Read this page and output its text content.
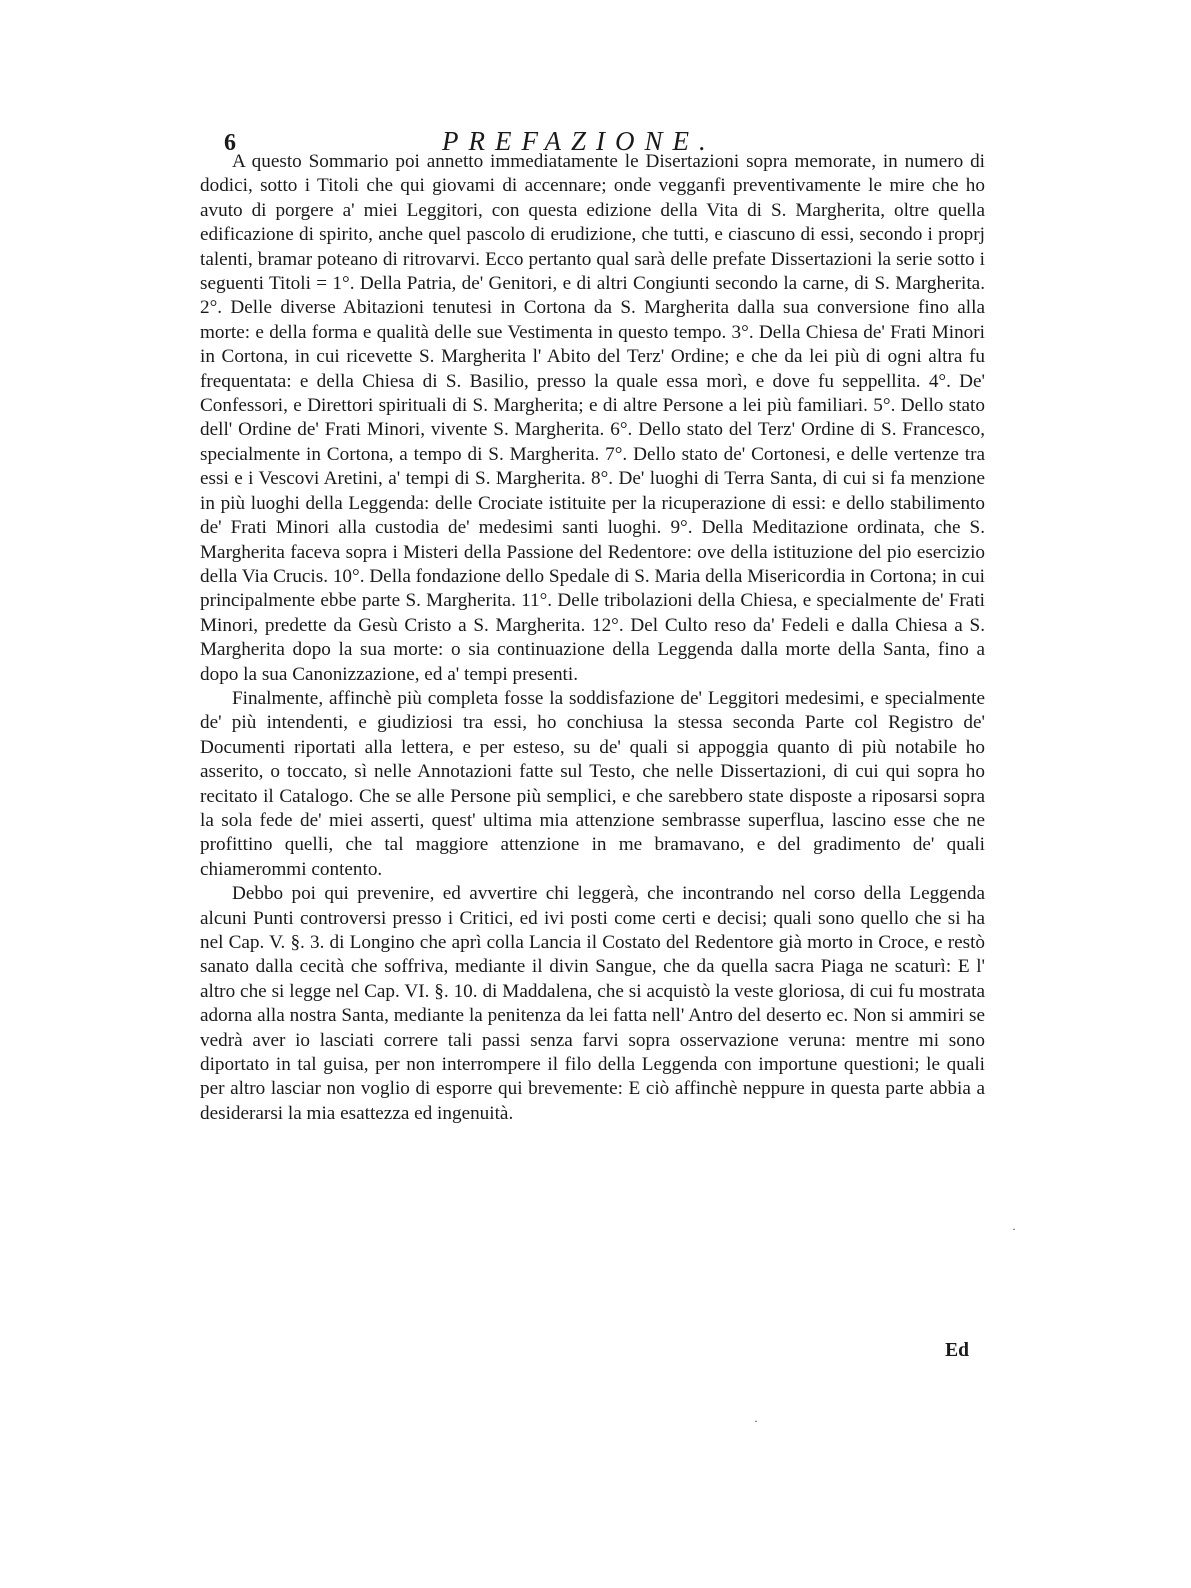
6	PREFAZIONE.

A questo Sommario poi annetto immediatamente le Disertazioni sopra memorate, in numero di dodici, sotto i Titoli che qui giovami di accennare; onde vegganfi preventivamente le mire che ho avuto di porgere a' miei Leggitori, con questa edizione della Vita di S. Margherita, oltre quella edificazione di spirito, anche quel pascolo di erudizione, che tutti, e ciascuno di essi, secondo i proprj talenti, bramar poteano di ritrovarvi. Ecco pertanto qual sarà delle prefate Dissertazioni la serie sotto i seguenti Titoli = 1°. Della Patria, de' Genitori, e di altri Congiunti secondo la carne, di S. Margherita. 2°. Delle diverse Abitazioni tenutesi in Cortona da S. Margherita dalla sua conversione fino alla morte: e della forma e qualità delle sue Vestimenta in questo tempo. 3°. Della Chiesa de' Frati Minori in Cortona, in cui ricevette S. Margherita l' Abito del Terz' Ordine; e che da lei più di ogni altra fu frequentata: e della Chiesa di S. Basilio, presso la quale essa morì, e dove fu seppellita. 4°. De' Confessori, e Direttori spirituali di S. Margherita; e di altre Persone a lei più familiari. 5°. Dello stato dell' Ordine de' Frati Minori, vivente S. Margherita. 6°. Dello stato del Terz' Ordine di S. Francesco, specialmente in Cortona, a tempo di S. Margherita. 7°. Dello stato de' Cortonesi, e delle vertenze tra essi e i Vescovi Aretini, a' tempi di S. Margherita. 8°. De' luoghi di Terra Santa, di cui si fa menzione in più luoghi della Leggenda: delle Crociate istituite per la ricuperazione di essi: e dello stabilimento de' Frati Minori alla custodia de' medesimi santi luoghi. 9°. Della Meditazione ordinata, che S. Margherita faceva sopra i Misteri della Passione del Redentore: ove della istituzione del pio esercizio della Via Crucis. 10°. Della fondazione dello Spedale di S. Maria della Misericordia in Cortona; in cui principalmente ebbe parte S. Margherita. 11°. Delle tribolazioni della Chiesa, e specialmente de' Frati Minori, predette da Gesù Cristo a S. Margherita. 12°. Del Culto reso da' Fedeli e dalla Chiesa a S. Margherita dopo la sua morte: o sia continuazione della Leggenda dalla morte della Santa, fino a dopo la sua Canonizzazione, ed a' tempi presenti.

Finalmente, affinchè più completa fosse la soddisfazione de' Leggitori medesimi, e specialmente de' più intendenti, e giudiziosi tra essi, ho conchiusa la stessa seconda Parte col Registro de' Documenti riportati alla lettera, e per esteso, su de' quali si appoggia quanto di più notabile ho asserito, o toccato, sì nelle Annotazioni fatte sul Testo, che nelle Dissertazioni, di cui qui sopra ho recitato il Catalogo. Che se alle Persone più semplici, e che sarebbero state disposte a riposarsi sopra la sola fede de' miei asserti, quest' ultima mia attenzione sembrasse superflua, lascino esse che ne profittino quelli, che tal maggiore attenzione in me bramavano, e del gradimento de' quali chiamerommi contento.

Debbo poi qui prevenire, ed avvertire chi leggerà, che incontrando nel corso della Leggenda alcuni Punti controversi presso i Critici, ed ivi posti come certi e decisi; quali sono quello che si ha nel Cap. V. §. 3. di Longino che aprì colla Lancia il Costato del Redentore già morto in Croce, e restò sanato dalla cecità che soffriva, mediante il divin Sangue, che da quella sacra Piaga ne scaturì: E l' altro che si legge nel Cap. VI. §. 10. di Maddalena, che si acquistò la veste gloriosa, di cui fu mostrata adorna alla nostra Santa, mediante la penitenza da lei fatta nell' Antro del deserto ec. Non si ammiri se vedrà aver io lasciati correre tali passi senza farvi sopra osservazione veruna: mentre mi sono diportato in tal guisa, per non interrompere il filo della Leggenda con importune questioni; le quali per altro lasciar non voglio di esporre qui brevemente: E ciò affinchè neppure in questa parte abbia a desiderarsi la mia esattezza ed ingenuità.

Ed
·
·
